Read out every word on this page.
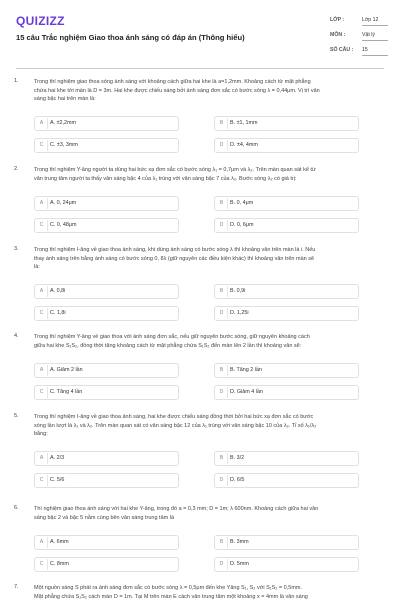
QUIZIZZ
15 câu Trắc nghiệm Giao thoa ánh sáng có đáp án (Thông hiểu)
LỚP :	Lớp 12
MÔN :	Vật lý
SỐ CÂU : 15
1.	Trong thí nghiệm giao thoa sóng ánh sáng với khoảng cách giữa hai khe là a=1,2mm. Khoảng cách từ mặt phẳng
chứa hai khe tới màn là D = 3m. Hai khe được chiếu sáng bởi ánh sáng đơn sắc có bước sóng λ = 0,44μm. Vị trí vân
sáng bậc hai trên màn là:
A	A. ±2,2mm	B	B. ±1, 1mm
C	C. ±3, 3mm	D	D. ±4, 4mm
2.	Trong thí nghiệm Y-âng người ta dùng hai bức xạ đơn sắc có bước sóng λ₁ = 0,7μm và λ₂. Trên màn quan sát kể từ
vân trung tâm người ta thấy vân sáng bậc 4 của λ₁ trùng với vân sáng bậc 7 của λ₂. Bước sóng λ₂ có giá trị:
A	A. 0, 24μm	B	B. 0, 4μm
C	C. 0, 48μm	D	D. 0, 6μm
3.	Trong thí nghiệm I-âng về giao thoa ánh sáng, khi dùng ánh sáng có bước sóng λ thì khoảng vân trên màn là i. Nếu
thay ánh sáng trên bằng ánh sáng có bước sóng 0, 8λ (giữ nguyên các điều kiện khác) thì khoảng vân trên màn sẽ
là:
A	A. 0,8i	B	B. 0,9i
C	C. 1,8i	D	D. 1,25i
4.	Trong thí nghiệm Y-âng về giao thoa với ánh sáng đơn sắc, nếu giữ nguyên bước sóng, giữ nguyên khoảng cách
giữa hai khe S₁S₂, đồng thời tăng khoảng cách từ mặt phẳng chứa S₁S₂ đến màn lên 2 lần thì khoảng vân sẽ:
A	A. Giảm 2 lần	B	B. Tăng 2 lần
C	C. Tăng 4 lần	D	D. Giảm 4 lần
5.	Trong thí nghiệm I-âng về giao thoa ánh sáng, hai khe được chiếu sáng đồng thời bởi hai bức xạ đơn sắc có bước
sóng lần lượt là λ₁ và λ₂. Trên màn quan sát có vân sáng bậc 12 của λ₁ trùng với vân sáng bậc 10 của λ₂. Tỉ số λ₁/λ₂
bằng:
A	A. 2/3	B	B. 3/2
C	C. 5/6	D	D. 6/5
6.	Thí nghiệm giao thoa ánh sáng với hai khe Y-âng, trong đó a = 0,3 mm; D = 1m; λ 600nm. Khoảng cách giữa hai vân
sáng bậc 2 và bậc 5 nằm cùng bên vân sáng trung tâm là
A	A. 6mm	B	B. 3mm
C	C. 8mm	D	D. 5mm
7.	Một nguồn sáng S phát ra ánh sáng đơn sắc có bước sóng λ = 0,5μm đến khe Yâng S₁, S₂ với S₁S₂ = 0,5mm.
Mặt phẳng chứa S₁S₂ cách màn D = 1m. Tại M trên màn E cách vân trung tâm một khoảng x = 4mm là vân sáng
